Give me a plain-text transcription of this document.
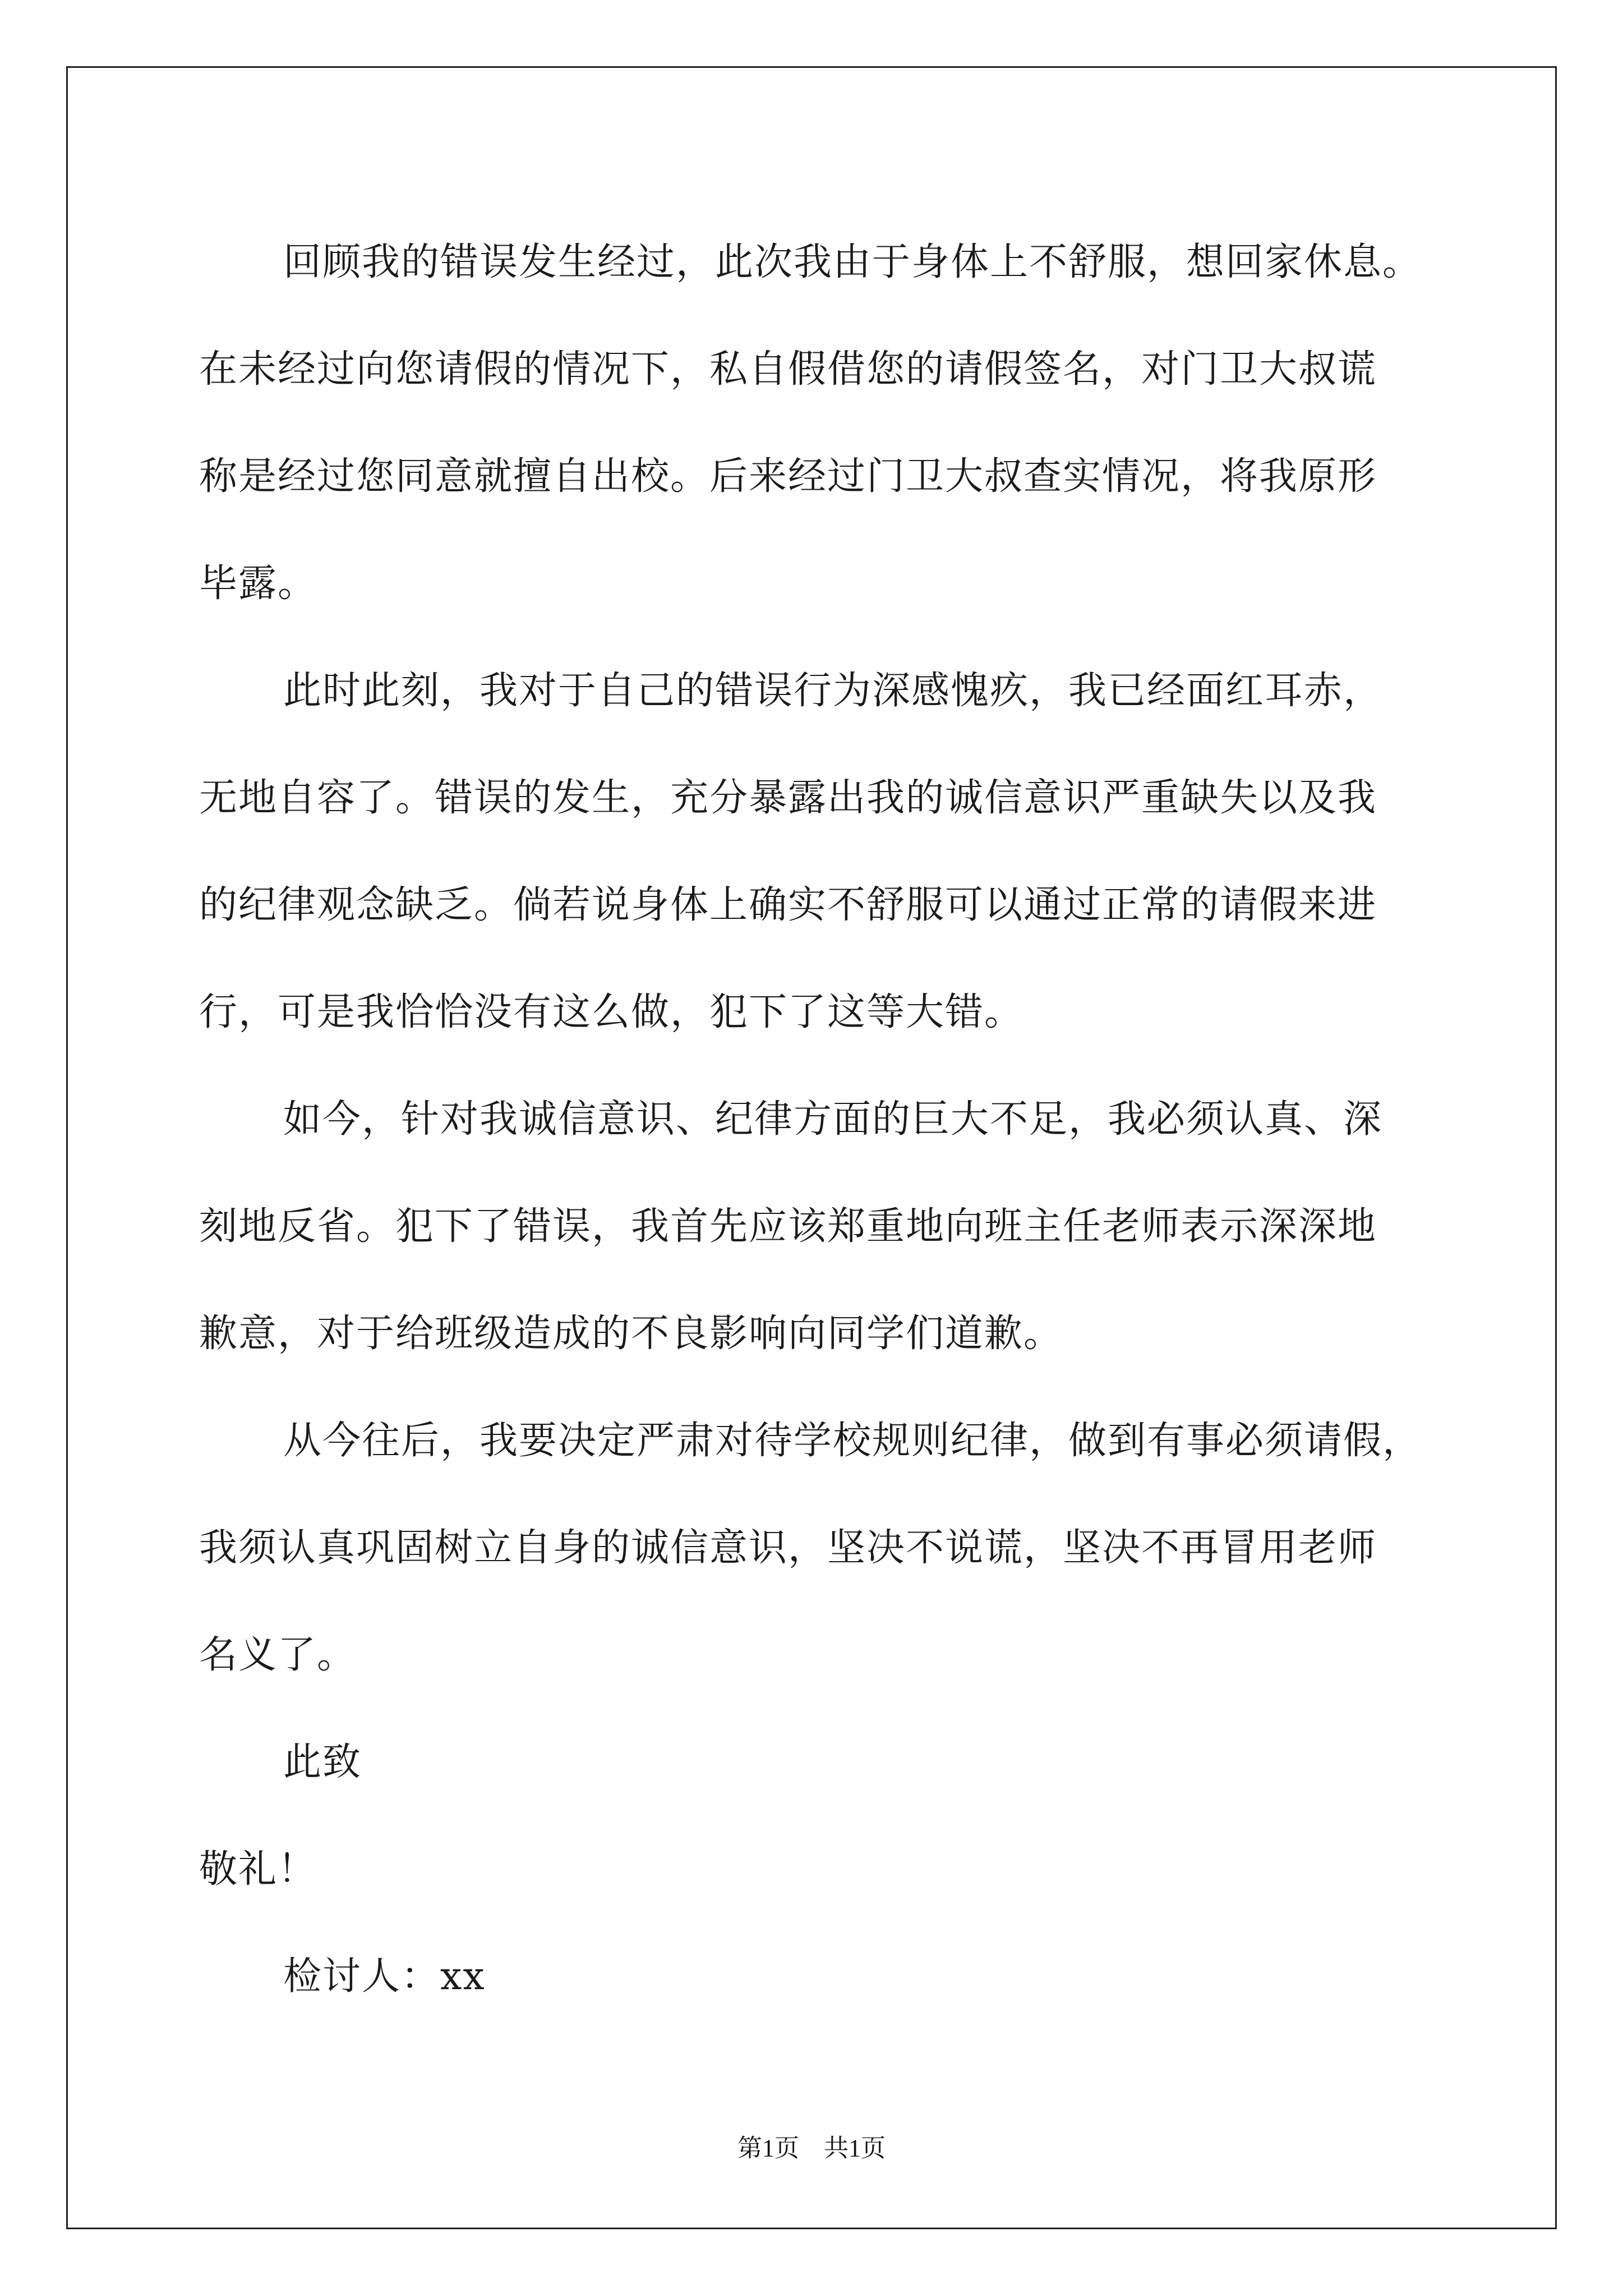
回顾我的错误发生经过，此次我由于身体上不舒服，想回家休息。
在未经过向您请假的情况下，私自假借您的请假签名，对门卫大叔谎
称是经过您同意就擅自出校。后来经过门卫大叔查实情况，将我原形
毕露。
此时此刻，我对于自己的错误行为深感愧疚，我已经面红耳赤，
无地自容了。错误的发生，充分暴露出我的诚信意识严重缺失以及我
的纪律观念缺乏。倘若说身体上确实不舒服可以通过正常的请假来进
行，可是我恰恰没有这么做，犯下了这等大错。
如今，针对我诚信意识、纪律方面的巨大不足，我必须认真、深
刻地反省。犯下了错误，我首先应该郑重地向班主任老师表示深深地
歉意，对于给班级造成的不良影响向同学们道歉。
从今往后，我要决定严肃对待学校规则纪律，做到有事必须请假，
我须认真巩固树立自身的诚信意识，坚决不说谎，坚决不再冒用老师
名义了。
此致
敬礼！
检讨人：xx
第1页　共1页
